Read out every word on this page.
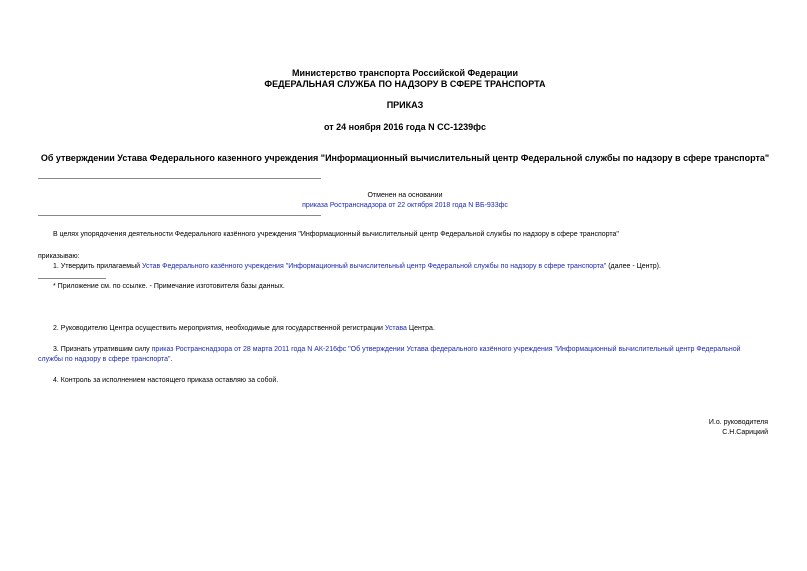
Министерство транспорта Российской Федерации
ФЕДЕРАЛЬНАЯ СЛУЖБА ПО НАДЗОРУ В СФЕРЕ ТРАНСПОРТА
ПРИКАЗ
от 24 ноября 2016 года N СС-1239фс
Об утверждении Устава Федерального казенного учреждения "Информационный вычислительный центр Федеральной службы по надзору в сфере транспорта"
Отменен на основании
приказа Ространснадзора от 22 октября 2018 года N ВБ-933фс
В целях упорядочения деятельности Федерального казённого учреждения "Информационный вычислительный центр Федеральной службы по надзору в сфере транспорта"
приказываю:
1. Утвердить прилагаемый Устав Федерального казённого учреждения "Информационный вычислительный центр Федеральной службы по надзору в сфере транспорта" (далее - Центр).
* Приложение см. по ссылке. - Примечание изготовителя базы данных.
2. Руководителю Центра осуществить мероприятия, необходимые для государственной регистрации Устава Центра.
3. Признать утратившим силу приказ Ространснадзора от 28 марта 2011 года N АК-216фс "Об утверждении Устава федерального казённого учреждения "Информационный вычислительный центр Федеральной
службы по надзору в сфере транспорта".
4. Контроль за исполнением настоящего приказа оставляю за собой.
И.о. руководителя
С.Н.Сарицкий
